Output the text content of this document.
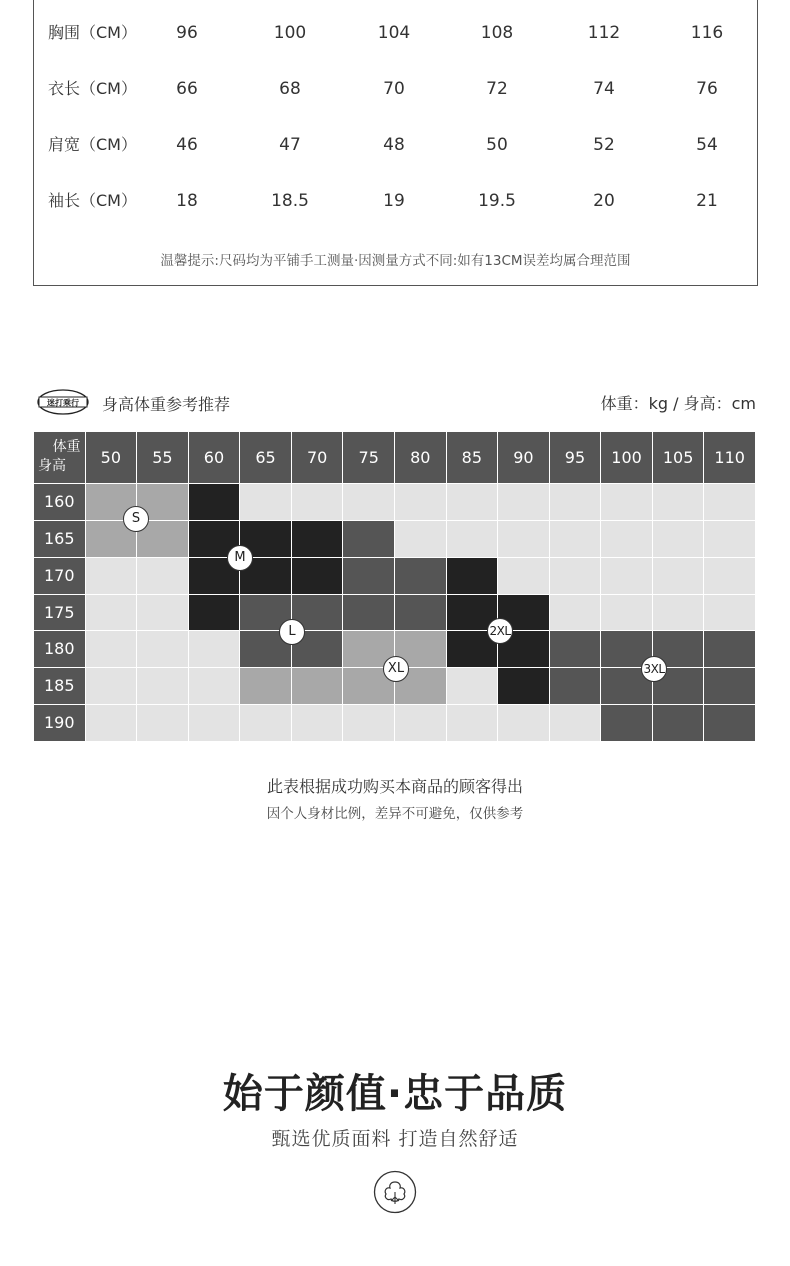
胸围（CM）	96	100	104	108	112	116
衣长（CM）	66	68	70	72	74	76
肩宽（CM）	46	47	48	50	52	54
袖长（CM）	18	18.5	19	19.5	20	21
温馨提示:尺码均为平铺手工测量·因测量方式不同:如有13CM误差均属合理范围
迷打乘行 身高体重参考推荐	体重：kg / 身高：cm
体重
身高	50	55	60	65	70	75	80	85	90	95	100	105	110
160
165
170
175
180
185
190
S
M
L
XL
2XL
3XL
此表根据成功购买本商品的顾客得出
因个人身材比例，差异不可避免，仅供参考
始于颜值·忠于品质
甄选优质面料 打造自然舒适
